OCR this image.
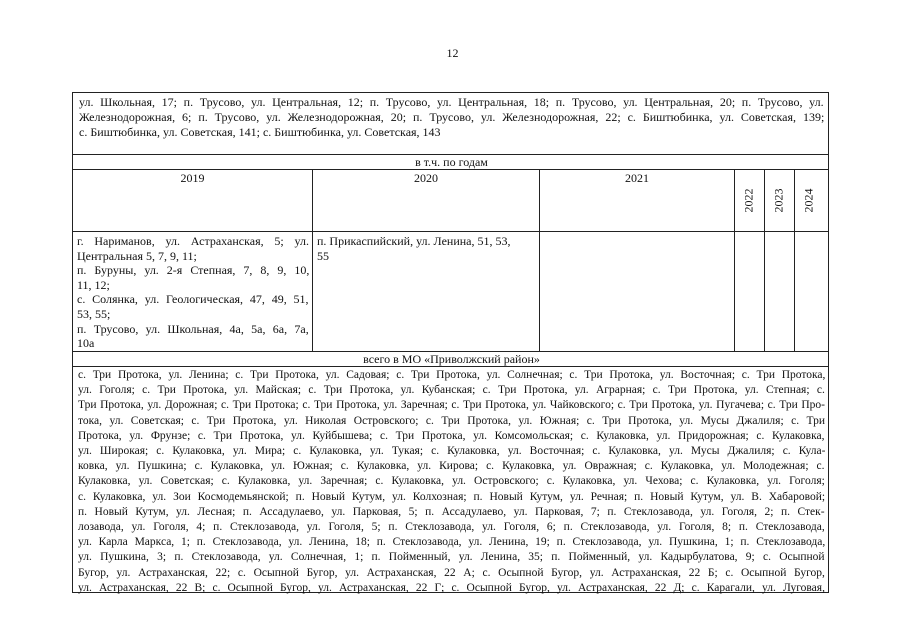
12
ул. Школьная, 17; п. Трусово, ул. Центральная, 12; п. Трусово, ул. Центральная, 18; п. Трусово, ул. Центральная, 20; п. Трусово, ул.
Железнодорожная, 6; п. Трусово, ул. Железнодорожная, 20; п. Трусово, ул. Железнодорожная, 22; с. Биштюбинка, ул. Советская, 139;
с. Биштюбинка, ул. Советская, 141; с. Биштюбинка, ул. Советская, 143
в т.ч. по годам
2019	2020	2021
2022 2023 2024
г. Нариманов, ул. Астраханская, 5; ул.
Центральная 5, 7, 9, 11;
п. Буруны, ул. 2-я Степная, 7, 8, 9, 10,
11, 12;
с. Солянка, ул. Геологическая, 47, 49, 51,
53, 55;
п. Трусово, ул. Школьная, 4а, 5а, 6а, 7а,
10а
п. Прикаспийский, ул. Ленина, 51, 53,
55
всего в МО «Приволжский район»
с. Три Протока, ул. Ленина; с. Три Протока, ул. Садовая; с. Три Протока, ул. Солнечная; с. Три Протока, ул. Восточная; с. Три Протока,
ул. Гоголя; с. Три Протока, ул. Майская; с. Три Протока, ул. Кубанская; с. Три Протока, ул. Аграрная; с. Три Протока, ул. Степная; с.
Три Протока, ул. Дорожная; с. Три Протока; с. Три Протока, ул. Заречная; с. Три Протока, ул. Чайковского; с. Три Протока, ул. Пугачева; с. Три Про-
тока, ул. Советская; с. Три Протока, ул. Николая Островского; с. Три Протока, ул. Южная; с. Три Протока, ул. Мусы Джалиля; с. Три
Протока, ул. Фрунзе; с. Три Протока, ул. Куйбышева; с. Три Протока, ул. Комсомольская; с. Кулаковка, ул. Придорожная; с. Кулаковка,
ул. Широкая; с. Кулаковка, ул. Мира; с. Кулаковка, ул. Тукая; с. Кулаковка, ул. Восточная; с. Кулаковка, ул. Мусы Джалиля; с. Кула-
ковка, ул. Пушкина; с. Кулаковка, ул. Южная; с. Кулаковка, ул. Кирова; с. Кулаковка, ул. Овражная; с. Кулаковка, ул. Молодежная; с.
Кулаковка, ул. Советская; с. Кулаковка, ул. Заречная; с. Кулаковка, ул. Островского; с. Кулаковка, ул. Чехова; с. Кулаковка, ул. Гоголя;
с. Кулаковка, ул. Зои Космодемьянской; п. Новый Кутум, ул. Колхозная; п. Новый Кутум, ул. Речная; п. Новый Кутум, ул. В. Хабаровой;
п. Новый Кутум, ул. Лесная; п. Ассадулаево, ул. Парковая, 5; п. Ассадулаево, ул. Парковая, 7; п. Стеклозавода, ул. Гоголя, 2; п. Стек-
лозавода, ул. Гоголя, 4; п. Стеклозавода, ул. Гоголя, 5; п. Стеклозавода, ул. Гоголя, 6; п. Стеклозавода, ул. Гоголя, 8; п. Стеклозавода,
ул. Карла Маркса, 1; п. Стеклозавода, ул. Ленина, 18; п. Стеклозавода, ул. Ленина, 19; п. Стеклозавода, ул. Пушкина, 1; п. Стеклозавода,
ул. Пушкина, 3; п. Стеклозавода, ул. Солнечная, 1; п. Пойменный, ул. Ленина, 35; п. Пойменный, ул. Кадырбулатова, 9; с. Осыпной
Бугор, ул. Астраханская, 22; с. Осыпной Бугор, ул. Астраханская, 22 А; с. Осыпной Бугор, ул. Астраханская, 22 Б; с. Осыпной Бугор,
ул. Астраханская, 22 В; с. Осыпной Бугор, ул. Астраханская, 22 Г; с. Осыпной Бугор, ул. Астраханская, 22 Д; с. Карагали, ул. Луговая,
